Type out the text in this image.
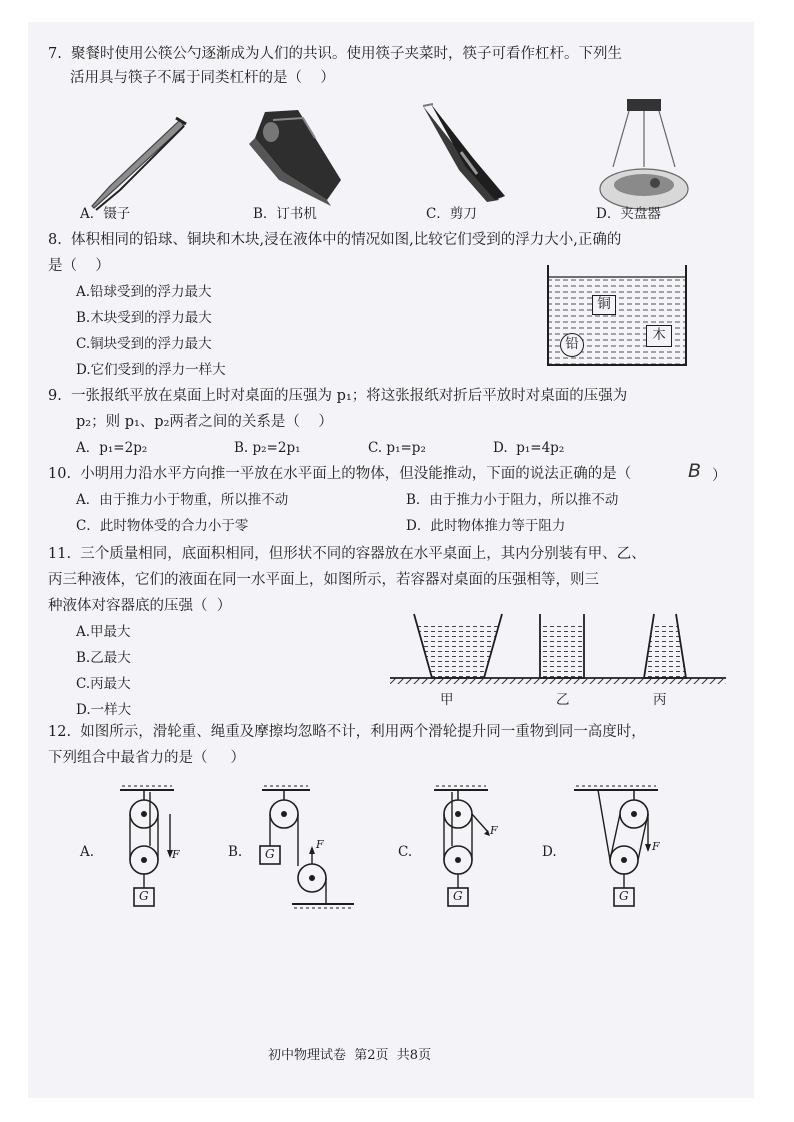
7.  聚餐时使用公筷公勺逐渐成为人们的共识。使用筷子夹菜时，筷子可看作杠杆。下列生
活用具与筷子不属于同类杠杆的是（    ）
A．镊子	B．订书机	C．剪刀	D．夹盘器
8.  体积相同的铅球、铜块和木块,浸在液体中的情况如图,比较它们受到的浮力大小,正确的
是（    ）
A.铅球受到的浮力最大
B.木块受到的浮力最大
C.铜块受到的浮力最大
D.它们受到的浮力一样大
铜
铅
木
9.  一张报纸平放在桌面上时对桌面的压强为 p₁；将这张报纸对折后平放时对桌面的压强为
p₂；则 p₁、p₂两者之间的关系是（    ）
A．p₁=2p₂	B. p₂=2p₁	C. p₁=p₂	D.  p₁=4p₂
10.  小明用力沿水平方向推一平放在水平面上的物体，但没能推动，下面的说法正确的是（	B ）
A．由于推力小于物重，所以推不动	B．由于推力小于阻力，所以推不动
C．此时物体受的合力小于零	D．此时物体推力等于阻力
11.  三个质量相同，底面积相同，但形状不同的容器放在水平桌面上，其内分别装有甲、乙、
丙三种液体，它们的液面在同一水平面上，如图所示，若容器对桌面的压强相等，则三
种液体对容器底的压强（  ）
A.甲最大
B.乙最大
C.丙最大
D.一样大
甲	乙	丙
12.  如图所示，滑轮重、绳重及摩擦均忽略不计，利用两个滑轮提升同一重物到同一高度时，
下列组合中最省力的是（     ）
A.	B.	C.	D.
F
G
F
G
F
G
F
G
初中物理试卷  第2页  共8页
